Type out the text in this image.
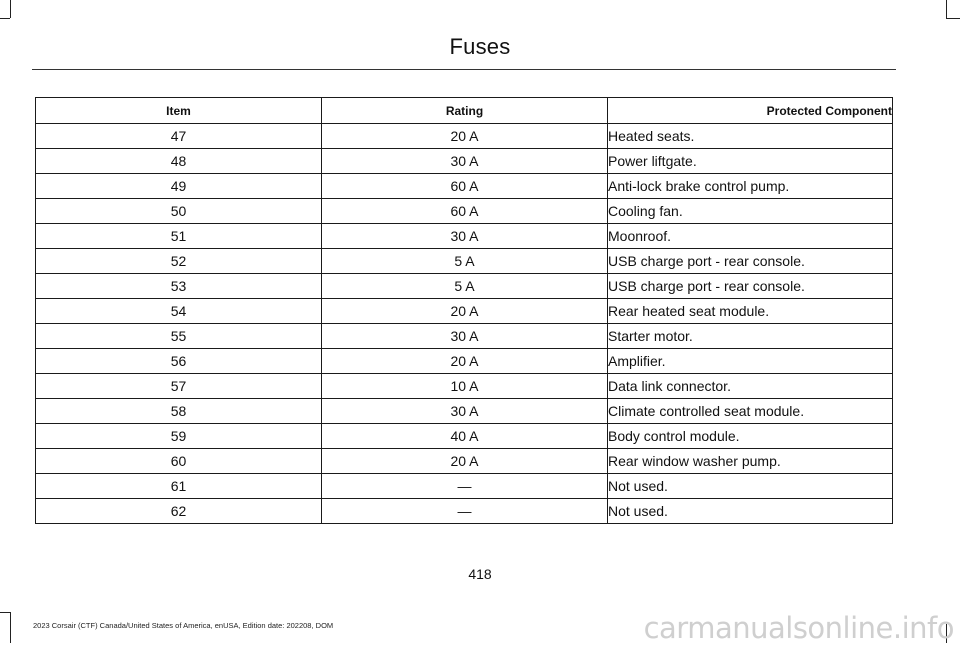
Fuses
Item	Rating	Protected Component
47	20 A	Heated seats.
48	30 A	Power liftgate.
49	60 A	Anti-lock brake control pump.
50	60 A	Cooling fan.
51	30 A	Moonroof.
52	5 A	USB charge port - rear console.
53	5 A	USB charge port - rear console.
54	20 A	Rear heated seat module.
55	30 A	Starter motor.
56	20 A	Amplifier.
57	10 A	Data link connector.
58	30 A	Climate controlled seat module.
59	40 A	Body control module.
60	20 A	Rear window washer pump.
61	—	Not used.
62	—	Not used.
418
2023 Corsair (CTF) Canada/United States of America, enUSA, Edition date: 202208, DOM	carmanualsonline.info
